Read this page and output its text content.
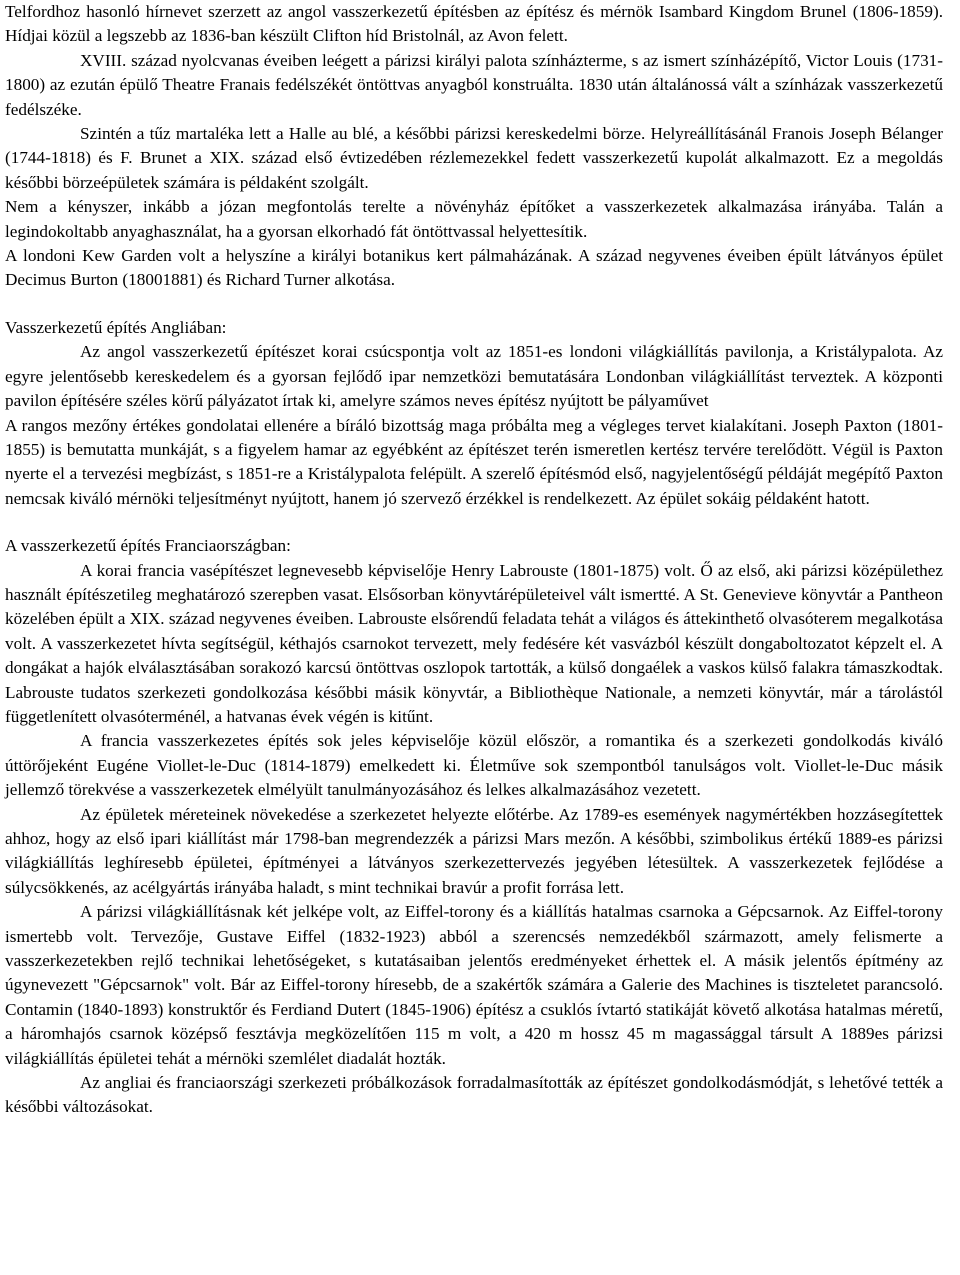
Telfordhoz hasonló hírnevet szerzett az angol vasszerkezetű építésben az építész és mérnök Isambard Kingdom Brunel (1806-1859). Hídjai közül a legszebb az 1836-ban készült Clifton híd Bristolnál, az Avon felett.

XVIII. század nyolcvanas éveiben leégett a párizsi királyi palota színházterme, s az ismert színházépítő, Victor Louis (1731-1800) az ezután épülő Theatre Franais fedélszékét öntöttvas anyagból konstruálta. 1830 után általánossá vált a színházak vasszerkezetű fedélszéke.

Szintén a tűz martaléka lett a Halle au blé, a későbbi párizsi kereskedelmi börze. Helyreállításánál Franois Joseph Bélanger (1744-1818) és F. Brunet a XIX. század első évtizedében rézlemezekkel fedett vasszerkezetű kupolát alkalmazott. Ez a megoldás későbbi börzeépületek számára is példaként szolgált.

Nem a kényszer, inkább a józan megfontolás terelte a növényház építőket a vasszerkezetek alkalmazása irányába. Talán a legindokoltabb anyaghasználat, ha a gyorsan elkorhadó fát öntöttvassal helyettesítik.

A londoni Kew Garden volt a helyszíne a királyi botanikus kert pálmaházának. A század negyvenes éveiben épült látványos épület Decimus Burton (18001881) és Richard Turner alkotása.

Vasszerkezetű építés Angliában:

Az angol vasszerkezetű építészet korai csúcspontja volt az 1851-es londoni világkiállítás pavilonja, a Kristálypalota. Az egyre jelentősebb kereskedelem és a gyorsan fejlődő ipar nemzetközi bemutatására Londonban világkiállítást terveztek. A központi pavilon építésére széles körű pályázatot írtak ki, amelyre számos neves építész nyújtott be pályaművet

A rangos mezőny értékes gondolatai ellenére a bíráló bizottság maga próbálta meg a végleges tervet kialakítani. Joseph Paxton (1801-1855) is bemutatta munkáját, s a figyelem hamar az egyébként az építészet terén ismeretlen kertész tervére terelődött. Végül is Paxton nyerte el a tervezési megbízást, s 1851-re a Kristálypalota felépült. A szerelő építésmód első, nagyjelentőségű példáját megépítő Paxton nemcsak kiváló mérnöki teljesítményt nyújtott, hanem jó szervező érzékkel is rendelkezett. Az épület sokáig példaként hatott.

A vasszerkezetű építés Franciaországban:

A korai francia vasépítészet legnevesebb képviselője Henry Labrouste (1801-1875) volt. Ő az első, aki párizsi középülethez használt építészetileg meghatározó szerepben vasat. Elsősorban könyvtárépületeivel vált ismertté. A St. Genevieve könyvtár a Pantheon közelében épült a XIX. század negyvenes éveiben. Labrouste elsőrendű feladata tehát a világos és áttekinthető olvasóterem megalkotása volt. A vasszerkezetet hívta segítségül, kéthajós csarnokot tervezett, mely fedésére két vasvázból készült dongaboltozatot képzelt el. A dongákat a hajók elválasztásában sorakozó karcsú öntöttvas oszlopok tartották, a külső dongaélek a vaskos külső falakra támaszkodtak. Labrouste tudatos szerkezeti gondolkozása későbbi másik könyvtár, a Bibliothèque Nationale, a nemzeti könyvtár, már a tárolástól függetlenített olvasóterménél, a hatvanas évek végén is kitűnt.

A francia vasszerkezetes építés sok jeles képviselője közül először, a romantika és a szerkezeti gondolkodás kiváló úttörőjeként Eugéne Viollet-le-Duc (1814-1879) emelkedett ki. Életműve sok szempontból tanulságos volt. Viollet-le-Duc másik jellemző törekvése a vasszerkezetek elmélyült tanulmányozásához és lelkes alkalmazásához vezetett.

Az épületek méreteinek növekedése a szerkezetet helyezte előtérbe. Az 1789-es események nagymértékben hozzásegítettek ahhoz, hogy az első ipari kiállítást már 1798-ban megrendezzék a párizsi Mars mezőn. A későbbi, szimbolikus értékű 1889-es párizsi világkiállítás leghíresebb épületei, építményei a látványos szerkezettervezés jegyében létesültek. A vasszerkezetek fejlődése a súlycsökkenés, az acélgyártás irányába haladt, s mint technikai bravúr a profit forrása lett.

A párizsi világkiállításnak két jelképe volt, az Eiffel-torony és a kiállítás hatalmas csarnoka a Gépcsarnok. Az Eiffel-torony ismertebb volt. Tervezője, Gustave Eiffel (1832-1923) abból a szerencsés nemzedékből származott, amely felismerte a vasszerkezetekben rejlő technikai lehetőségeket, s kutatásaiban jelentős eredményeket érhettek el. A másik jelentős építmény az úgynevezett "Gépcsarnok" volt. Bár az Eiffel-torony híresebb, de a szakértők számára a Galerie des Machines is tiszteletet parancsoló. Contamin (1840-1893) konstruktőr és Ferdiand Dutert (1845-1906) építész a csuklós ívtartó statikáját követő alkotása hatalmas méretű, a háromhajós csarnok középső fesztávja megközelítően 115 m volt, a 420 m hossz 45 m magassággal társult A 1889es párizsi világkiállítás épületei tehát a mérnöki szemlélet diadalát hozták.

Az angliai és franciaországi szerkezeti próbálkozások forradalmasították az építészet gondolkodásmódját, s lehetővé tették a későbbi változásokat.
